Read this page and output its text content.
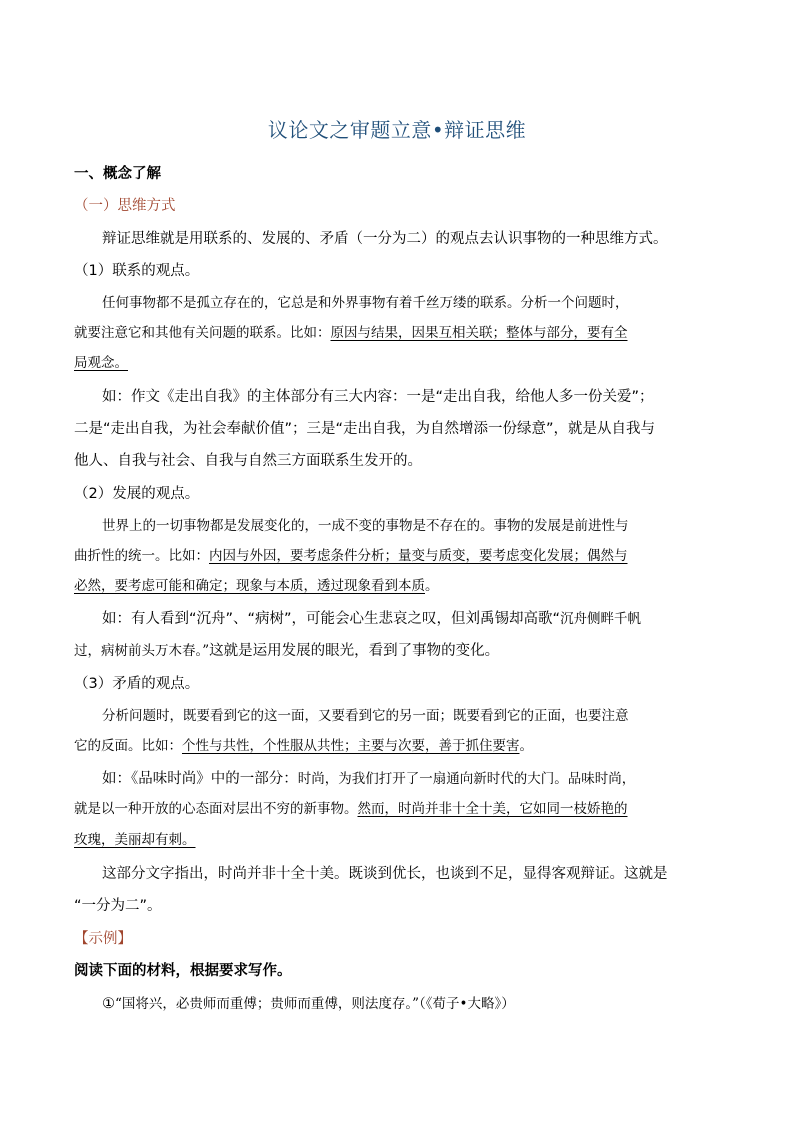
议论文之审题立意•辩证思维
一、概念了解
（一）思维方式
辩证思维就是用联系的、发展的、矛盾（一分为二）的观点去认识事物的一种思维方式。
（1）联系的观点。
任何事物都不是孤立存在的，它总是和外界事物有着千丝万缕的联系。分析一个问题时，
就要注意它和其他有关问题的联系。比如：原因与结果，因果互相关联；整体与部分，要有全
局观念。
如：作文《走出自我》的主体部分有三大内容：一是“走出自我，给他人多一份关爱”；
二是“走出自我，为社会奉献价值”；三是“走出自我，为自然增添一份绿意”，就是从自我与
他人、自我与社会、自我与自然三方面联系生发开的。
（2）发展的观点。
世界上的一切事物都是发展变化的，一成不变的事物是不存在的。事物的发展是前进性与
曲折性的统一。比如：内因与外因，要考虑条件分析；量变与质变，要考虑变化发展；偶然与
必然，要考虑可能和确定；现象与本质，透过现象看到本质。
如：有人看到“沉舟”、“病树”，可能会心生悲哀之叹，但刘禹锡却高歌“沉舟侧畔千帆
过，病树前头万木春。”这就是运用发展的眼光，看到了事物的变化。
（3）矛盾的观点。
分析问题时，既要看到它的这一面，又要看到它的另一面；既要看到它的正面，也要注意
它的反面。比如：个性与共性，个性服从共性；主要与次要，善于抓住要害。
如：《品味时尚》中的一部分：时尚，为我们打开了一扇通向新时代的大门。品味时尚，
就是以一种开放的心态面对层出不穷的新事物。然而，时尚并非十全十美，它如同一枝娇艳的
玫瑰，美丽却有刺。
这部分文字指出，时尚并非十全十美。既谈到优长，也谈到不足，显得客观辩证。这就是
“一分为二”。
【示例】
阅读下面的材料，根据要求写作。
①“国将兴，必贵师而重傅；贵师而重傅，则法度存。”（《荀子•大略》）
